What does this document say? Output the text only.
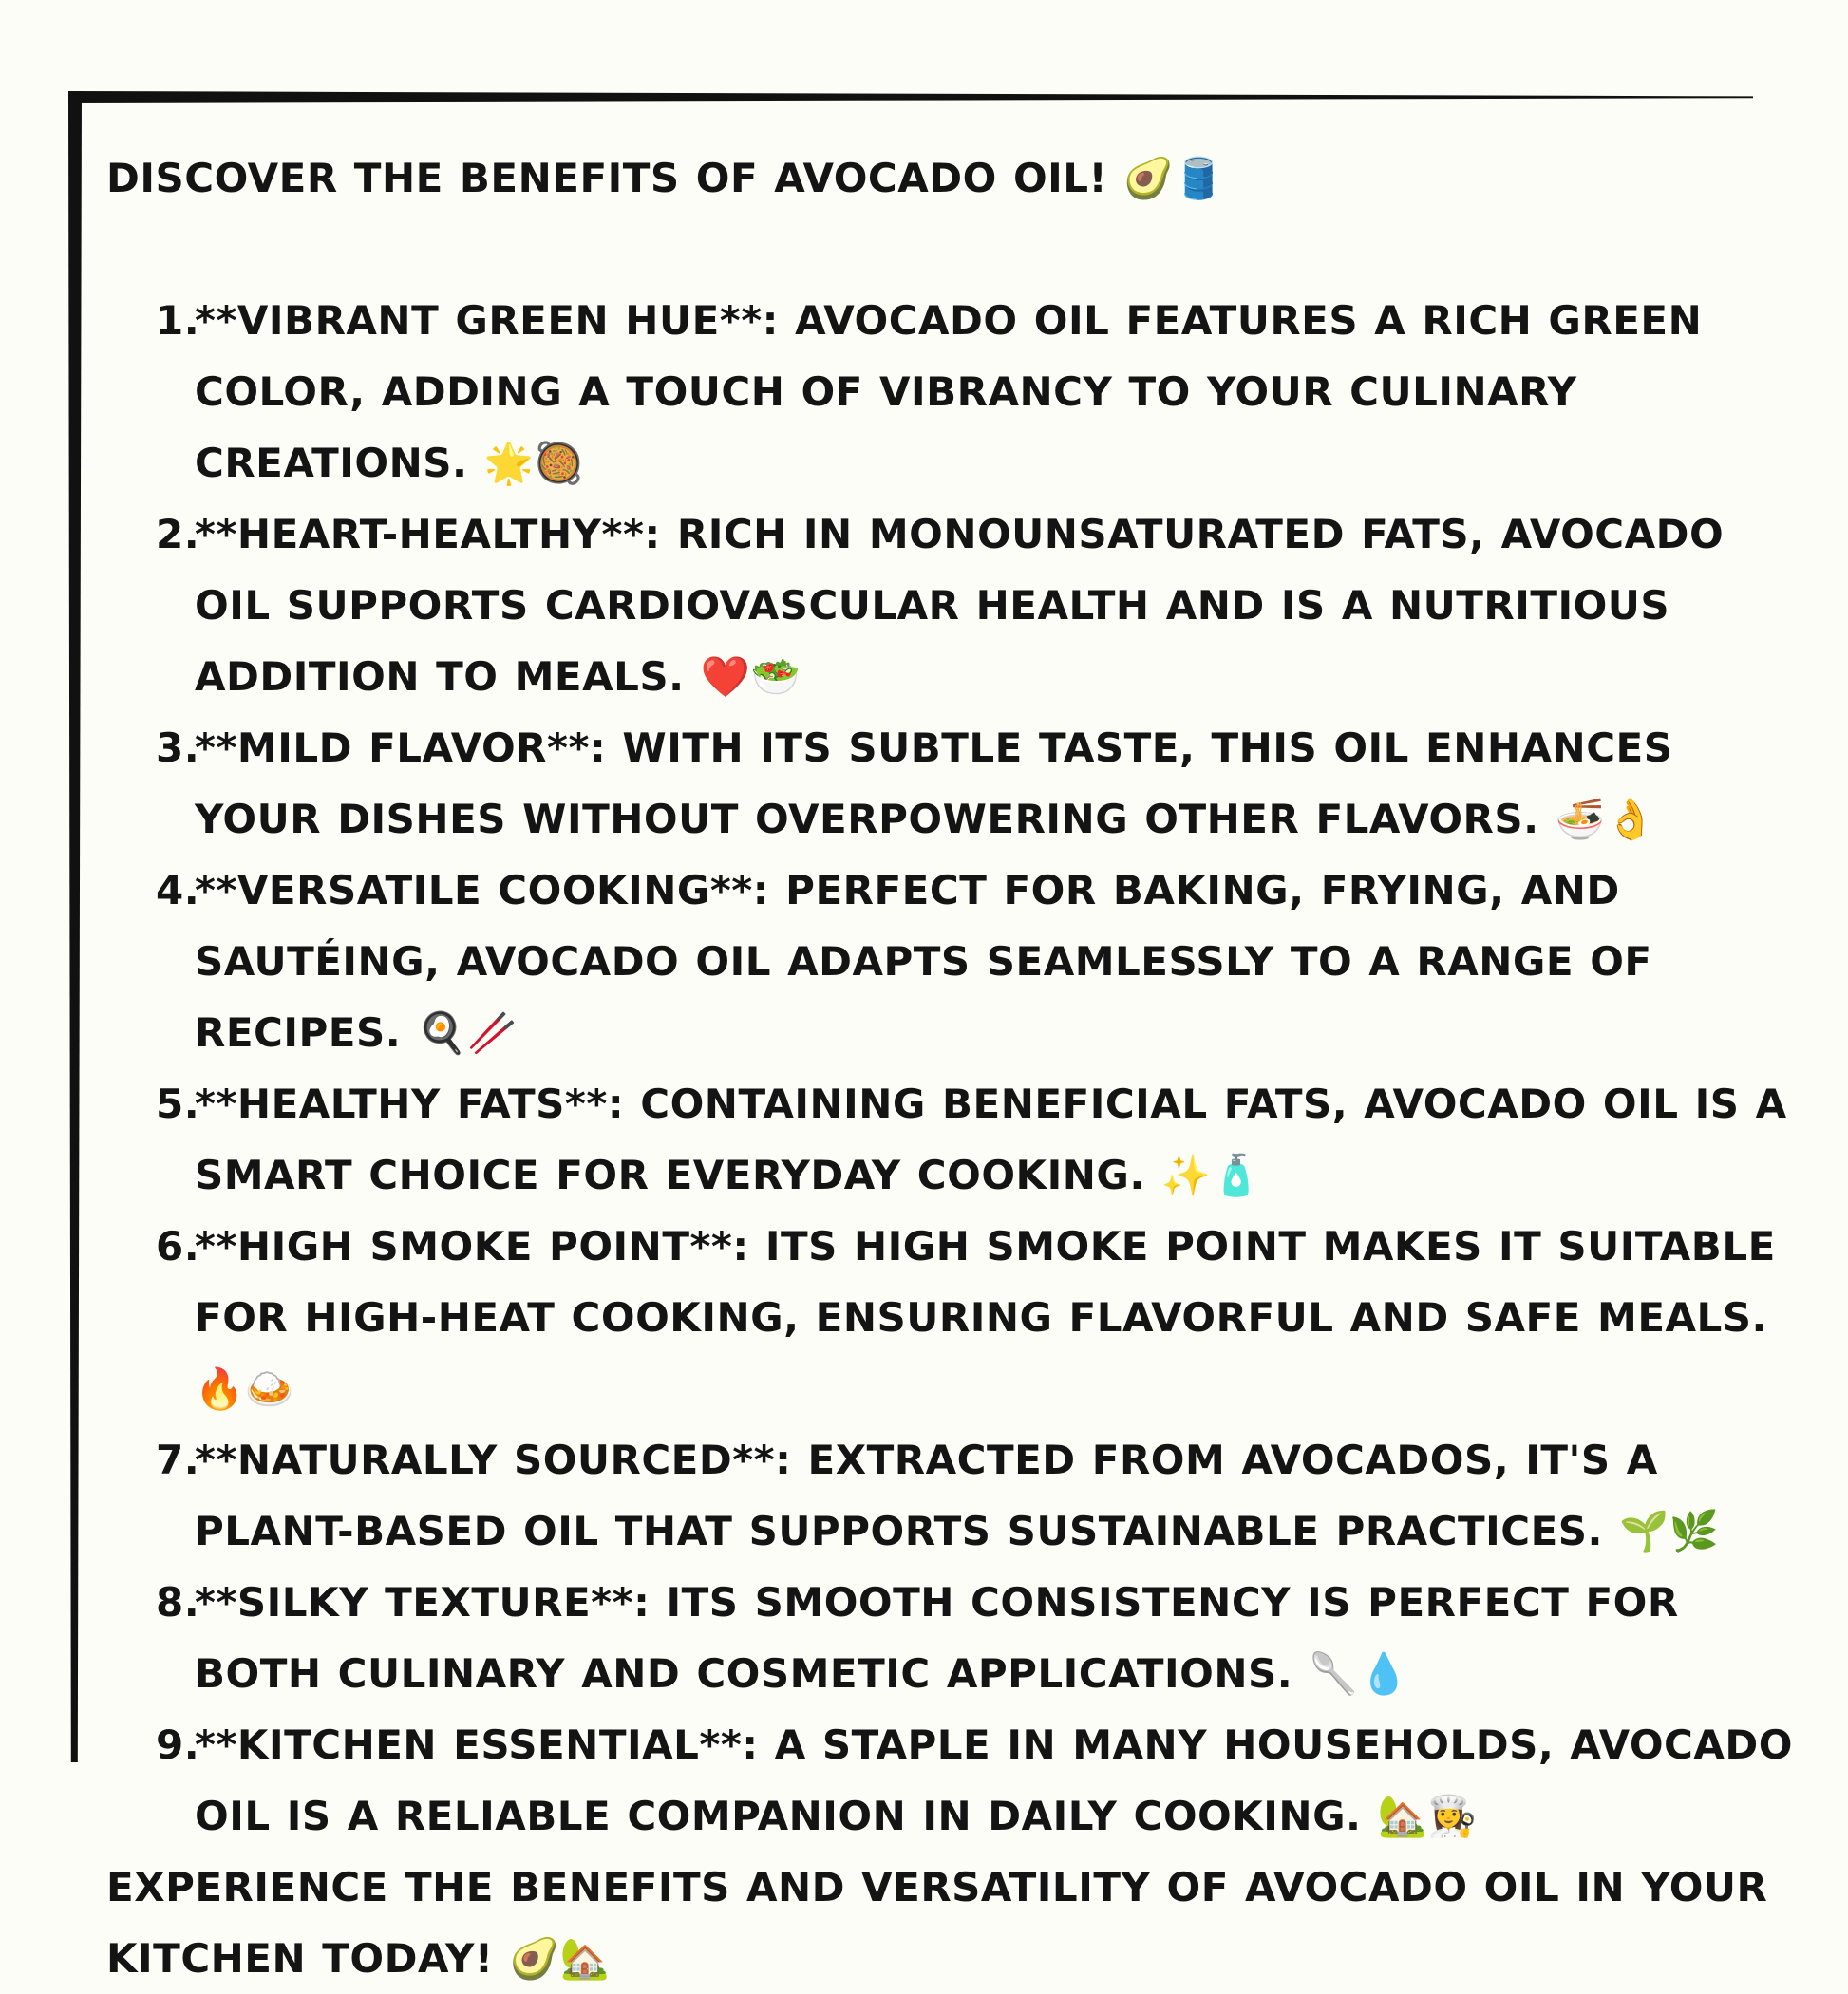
DISCOVER THE BENEFITS OF AVOCADO OIL! 🥑🛢️
1.
**VIBRANT GREEN HUE**: AVOCADO OIL FEATURES A RICH GREEN COLOR, ADDING A TOUCH OF VIBRANCY TO YOUR CULINARY CREATIONS. 🌟🥘
2.
**HEART-HEALTHY**: RICH IN MONOUNSATURATED FATS, AVOCADO OIL SUPPORTS CARDIOVASCULAR HEALTH AND IS A NUTRITIOUS ADDITION TO MEALS. ❤️🥗
3.
**MILD FLAVOR**: WITH ITS SUBTLE TASTE, THIS OIL ENHANCES YOUR DISHES WITHOUT OVERPOWERING OTHER FLAVORS. 🍜👌
4.
**VERSATILE COOKING**: PERFECT FOR BAKING, FRYING, AND SAUTÉING, AVOCADO OIL ADAPTS SEAMLESSLY TO A RANGE OF RECIPES. 🍳🥢
5.
**HEALTHY FATS**: CONTAINING BENEFICIAL FATS, AVOCADO OIL IS A SMART CHOICE FOR EVERYDAY COOKING. ✨🧴
6.
**HIGH SMOKE POINT**: ITS HIGH SMOKE POINT MAKES IT SUITABLE FOR HIGH-HEAT COOKING, ENSURING FLAVORFUL AND SAFE MEALS. 🔥🍛
7.
**NATURALLY SOURCED**: EXTRACTED FROM AVOCADOS, IT'S A PLANT-BASED OIL THAT SUPPORTS SUSTAINABLE PRACTICES. 🌱🌿
8.
**SILKY TEXTURE**: ITS SMOOTH CONSISTENCY IS PERFECT FOR BOTH CULINARY AND COSMETIC APPLICATIONS. 🥄💧
9.
**KITCHEN ESSENTIAL**: A STAPLE IN MANY HOUSEHOLDS, AVOCADO OIL IS A RELIABLE COMPANION IN DAILY COOKING. 🏡👩‍🍳
EXPERIENCE THE BENEFITS AND VERSATILITY OF AVOCADO OIL IN YOUR KITCHEN TODAY! 🥑🏡
